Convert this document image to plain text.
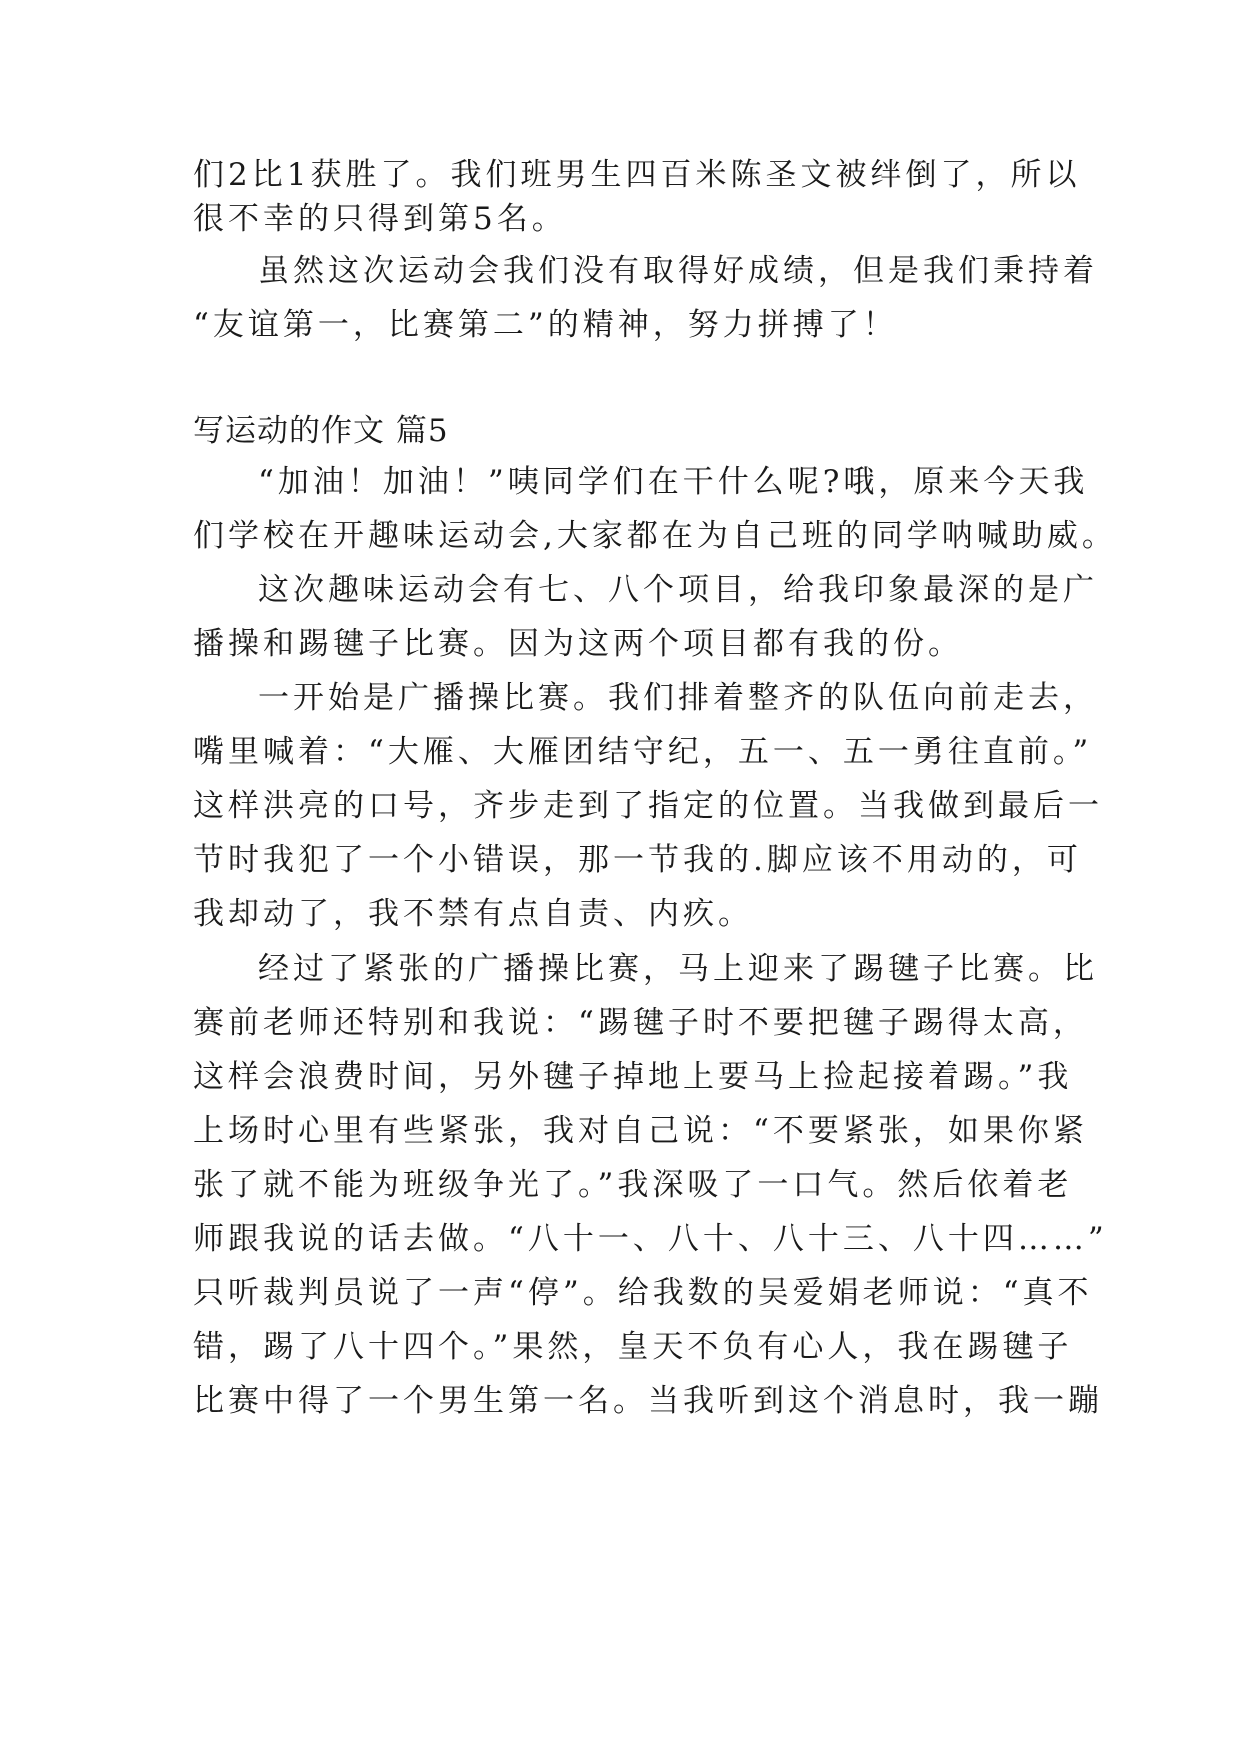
们2比1获胜了。我们班男生四百米陈圣文被绊倒了，所以
很不幸的只得到第5名。
虽然这次运动会我们没有取得好成绩，但是我们秉持着
“友谊第一，比赛第二”的精神，努力拼搏了！
写运动的作文 篇5
“加油！加油！”咦同学们在干什么呢?哦，原来今天我
们学校在开趣味运动会,大家都在为自己班的同学呐喊助威。
这次趣味运动会有七、八个项目，给我印象最深的是广
播操和踢毽子比赛。因为这两个项目都有我的份。
一开始是广播操比赛。我们排着整齐的队伍向前走去，
嘴里喊着：“大雁、大雁团结守纪，五一、五一勇往直前。”
这样洪亮的口号，齐步走到了指定的位置。当我做到最后一
节时我犯了一个小错误，那一节我的.脚应该不用动的，可
我却动了，我不禁有点自责、内疚。
经过了紧张的广播操比赛，马上迎来了踢毽子比赛。比
赛前老师还特别和我说：“踢毽子时不要把毽子踢得太高，
这样会浪费时间，另外毽子掉地上要马上捡起接着踢。”我
上场时心里有些紧张，我对自己说：“不要紧张，如果你紧
张了就不能为班级争光了。”我深吸了一口气。然后依着老
师跟我说的话去做。“八十一、八十、八十三、八十四……”
只听裁判员说了一声“停”。给我数的吴爱娟老师说：“真不
错，踢了八十四个。”果然，皇天不负有心人，我在踢毽子
比赛中得了一个男生第一名。当我听到这个消息时，我一蹦
